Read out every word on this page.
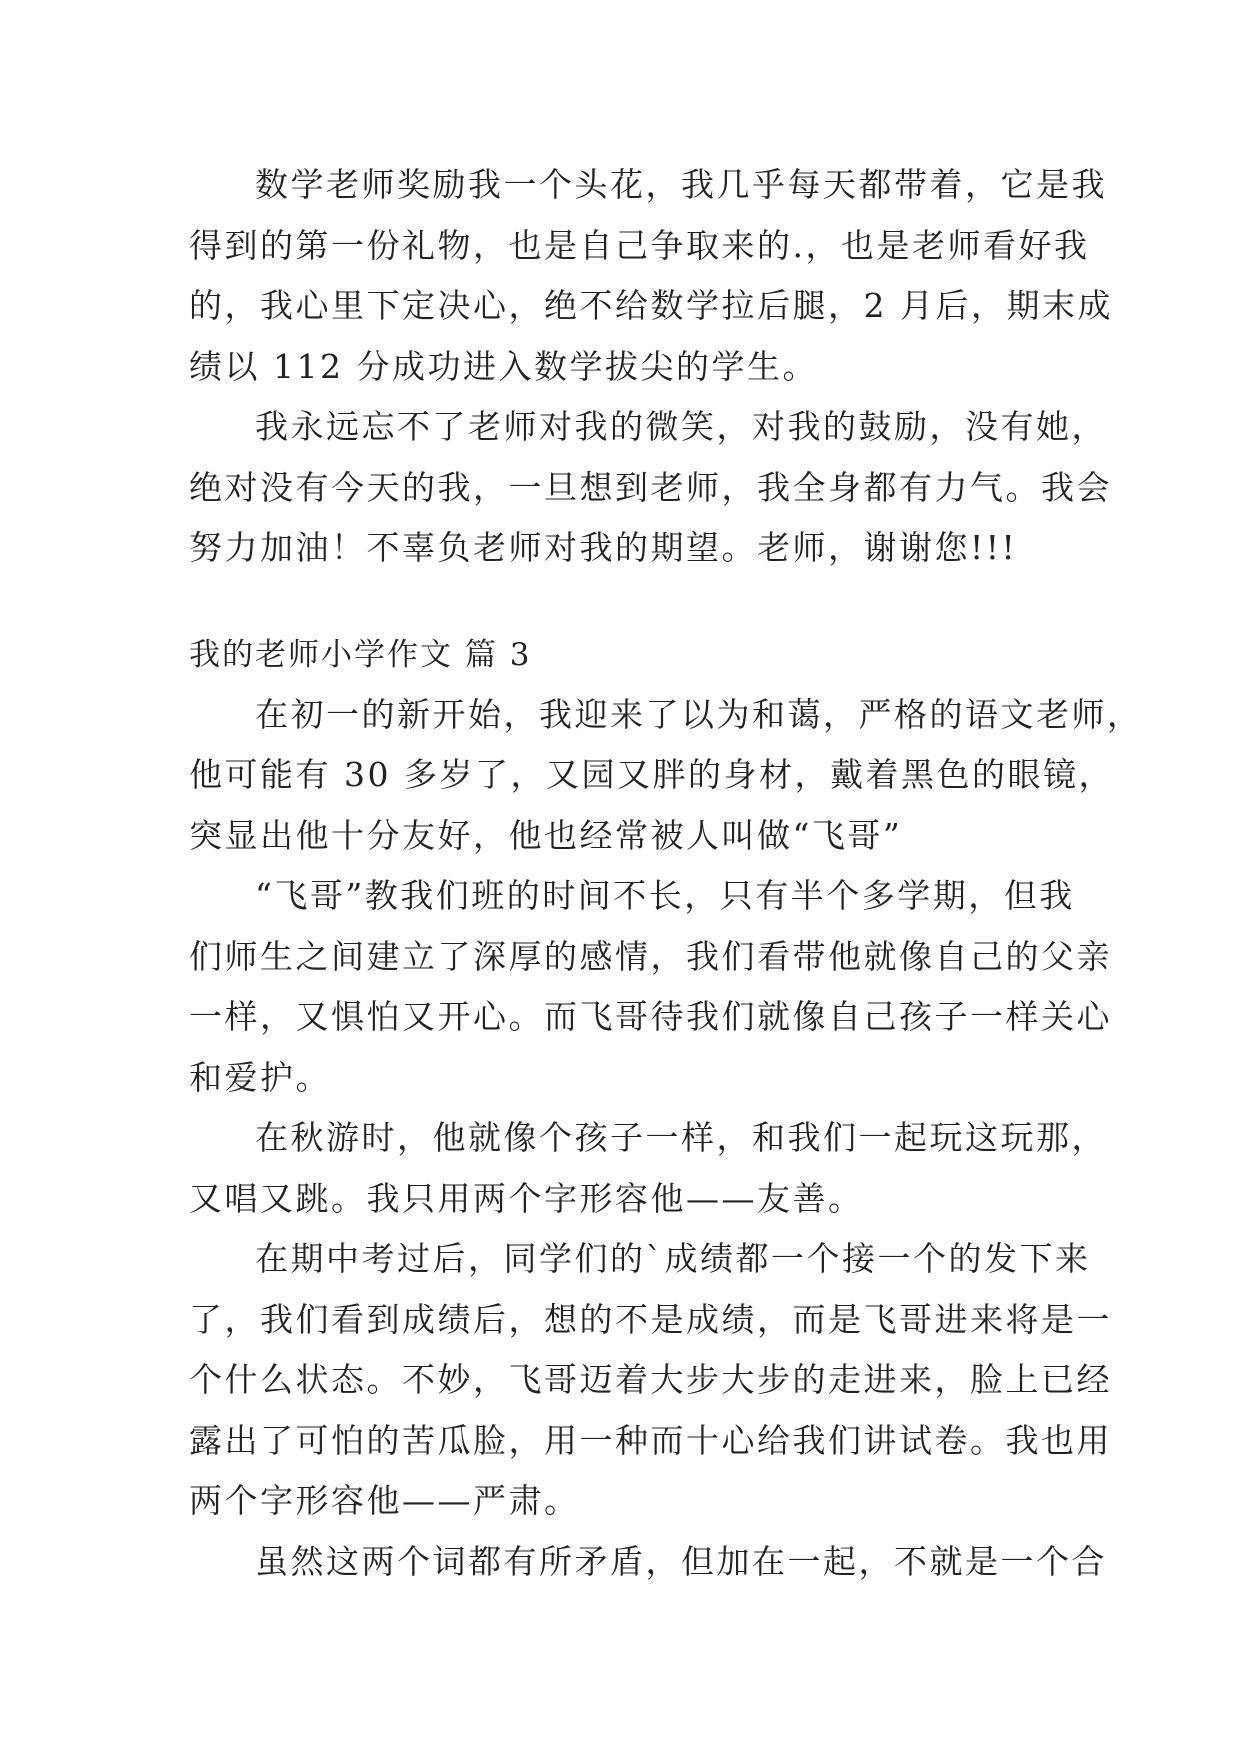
数学老师奖励我一个头花，我几乎每天都带着，它是我
得到的第一份礼物，也是自己争取来的.，也是老师看好我
的，我心里下定决心，绝不给数学拉后腿，2 月后，期末成
绩以 112 分成功进入数学拔尖的学生。

我永远忘不了老师对我的微笑，对我的鼓励，没有她，
绝对没有今天的我，一旦想到老师，我全身都有力气。我会
努力加油！不辜负老师对我的期望。老师，谢谢您!!!

我的老师小学作文 篇 3

在初一的新开始，我迎来了以为和蔼，严格的语文老师，
他可能有 30 多岁了，又园又胖的身材，戴着黑色的眼镜，
突显出他十分友好，他也经常被人叫做“飞哥”

“飞哥”教我们班的时间不长，只有半个多学期，但我
们师生之间建立了深厚的感情，我们看带他就像自己的父亲
一样，又惧怕又开心。而飞哥待我们就像自己孩子一样关心
和爱护。

在秋游时，他就像个孩子一样，和我们一起玩这玩那，
又唱又跳。我只用两个字形容他——友善。

在期中考过后，同学们的`成绩都一个接一个的发下来
了，我们看到成绩后，想的不是成绩，而是飞哥进来将是一
个什么状态。不妙，飞哥迈着大步大步的走进来，脸上已经
露出了可怕的苦瓜脸，用一种而十心给我们讲试卷。我也用
两个字形容他——严肃。

虽然这两个词都有所矛盾，但加在一起，不就是一个合
